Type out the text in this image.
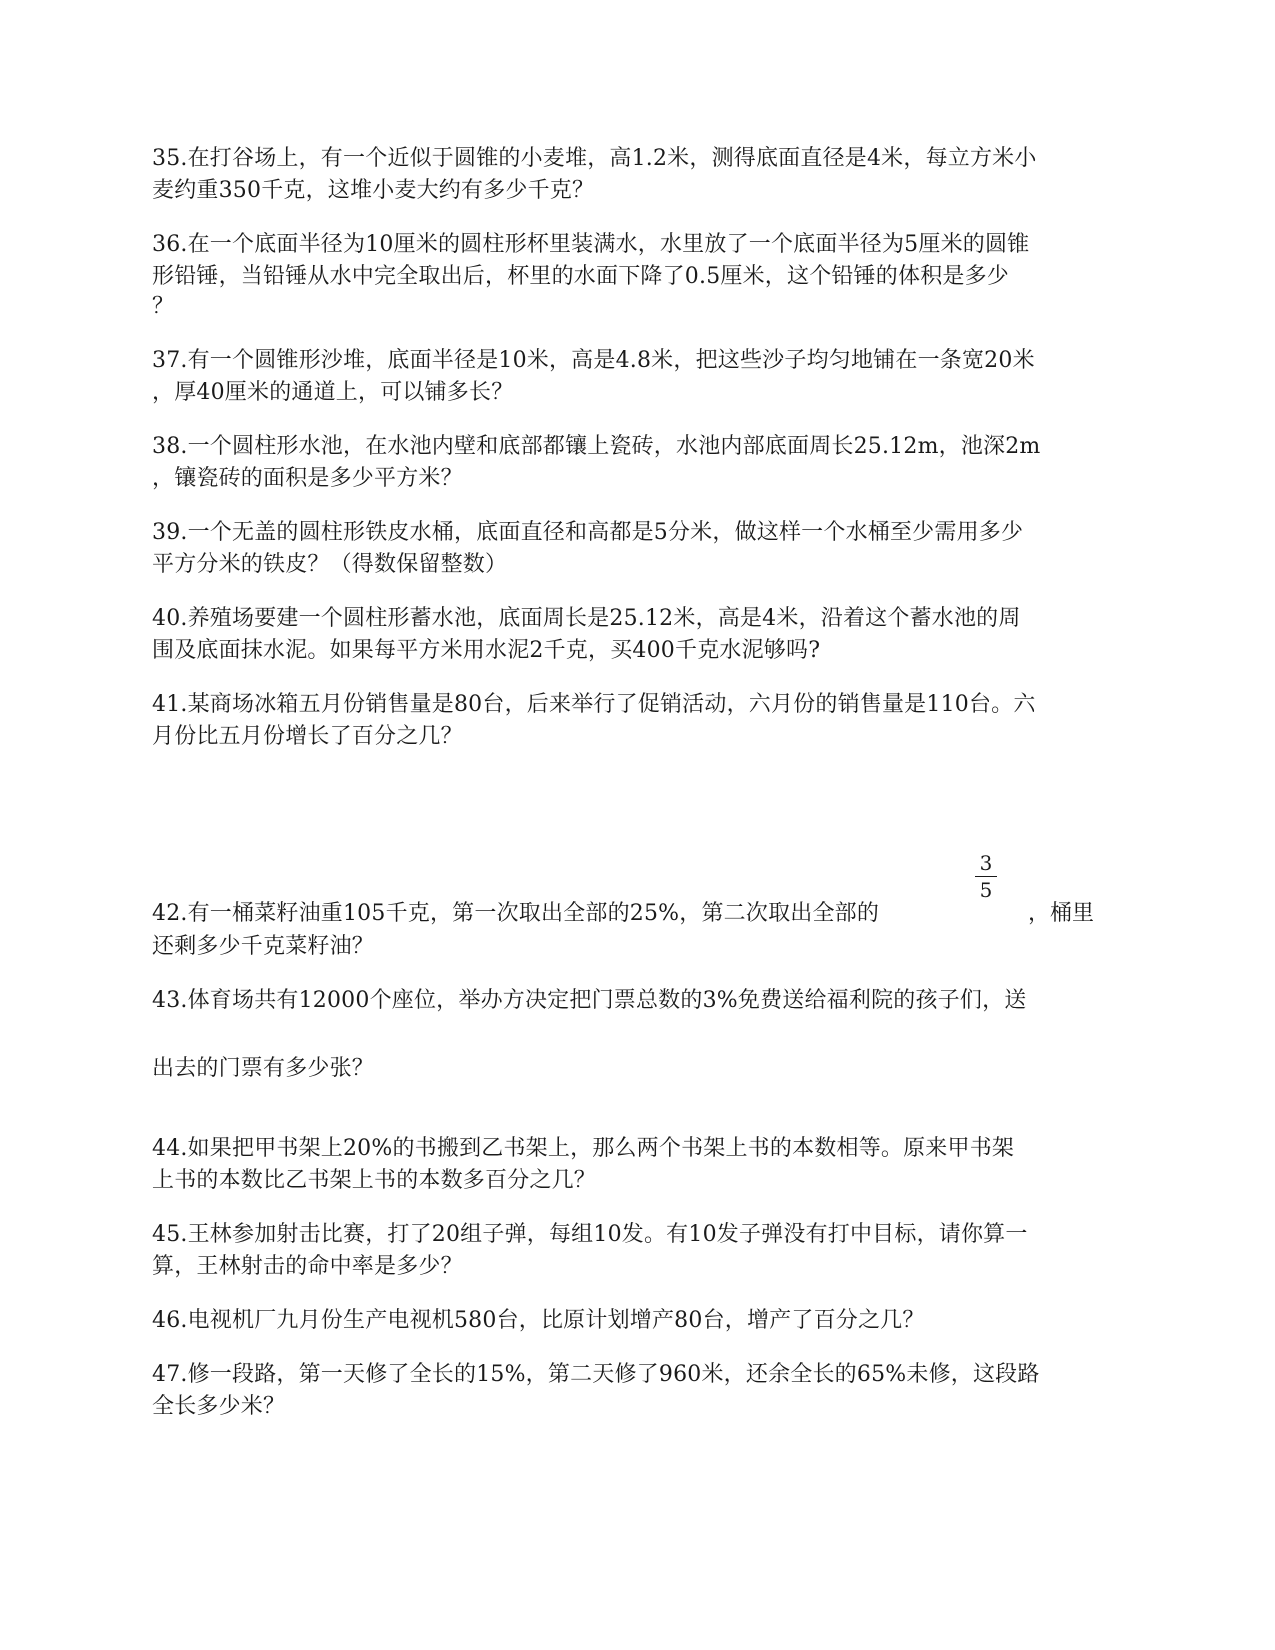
35.在打谷场上，有一个近似于圆锥的小麦堆，高1.2米，测得底面直径是4米，每立方米小
麦约重350千克，这堆小麦大约有多少千克？
36.在一个底面半径为10厘米的圆柱形杯里装满水，水里放了一个底面半径为5厘米的圆锥
形铅锤，当铅锤从水中完全取出后，杯里的水面下降了0.5厘米，这个铅锤的体积是多少
？
37.有一个圆锥形沙堆，底面半径是10米，高是4.8米，把这些沙子均匀地铺在一条宽20米
，厚40厘米的通道上，可以铺多长？
38.一个圆柱形水池，在水池内壁和底部都镶上瓷砖，水池内部底面周长25.12m，池深2m
，镶瓷砖的面积是多少平方米？
39.一个无盖的圆柱形铁皮水桶，底面直径和高都是5分米，做这样一个水桶至少需用多少
平方分米的铁皮？（得数保留整数）
40.养殖场要建一个圆柱形蓄水池，底面周长是25.12米，高是4米，沿着这个蓄水池的周
围及底面抹水泥。如果每平方米用水泥2千克，买400千克水泥够吗?
41.某商场冰箱五月份销售量是80台，后来举行了促销活动，六月份的销售量是110台。六
月份比五月份增长了百分之几？
3
5
42.有一桶菜籽油重105千克，第一次取出全部的25%，第二次取出全部的	，桶里
还剩多少千克菜籽油？
43.体育场共有12000个座位，举办方决定把门票总数的3%免费送给福利院的孩子们，送
出去的门票有多少张？
44.如果把甲书架上20%的书搬到乙书架上，那么两个书架上书的本数相等。原来甲书架
上书的本数比乙书架上书的本数多百分之几？
45.王林参加射击比赛，打了20组子弹，每组10发。有10发子弹没有打中目标，请你算一
算，王林射击的命中率是多少？
46.电视机厂九月份生产电视机580台，比原计划增产80台，增产了百分之几？
47.修一段路，第一天修了全长的15%，第二天修了960米，还余全长的65%未修，这段路
全长多少米？
